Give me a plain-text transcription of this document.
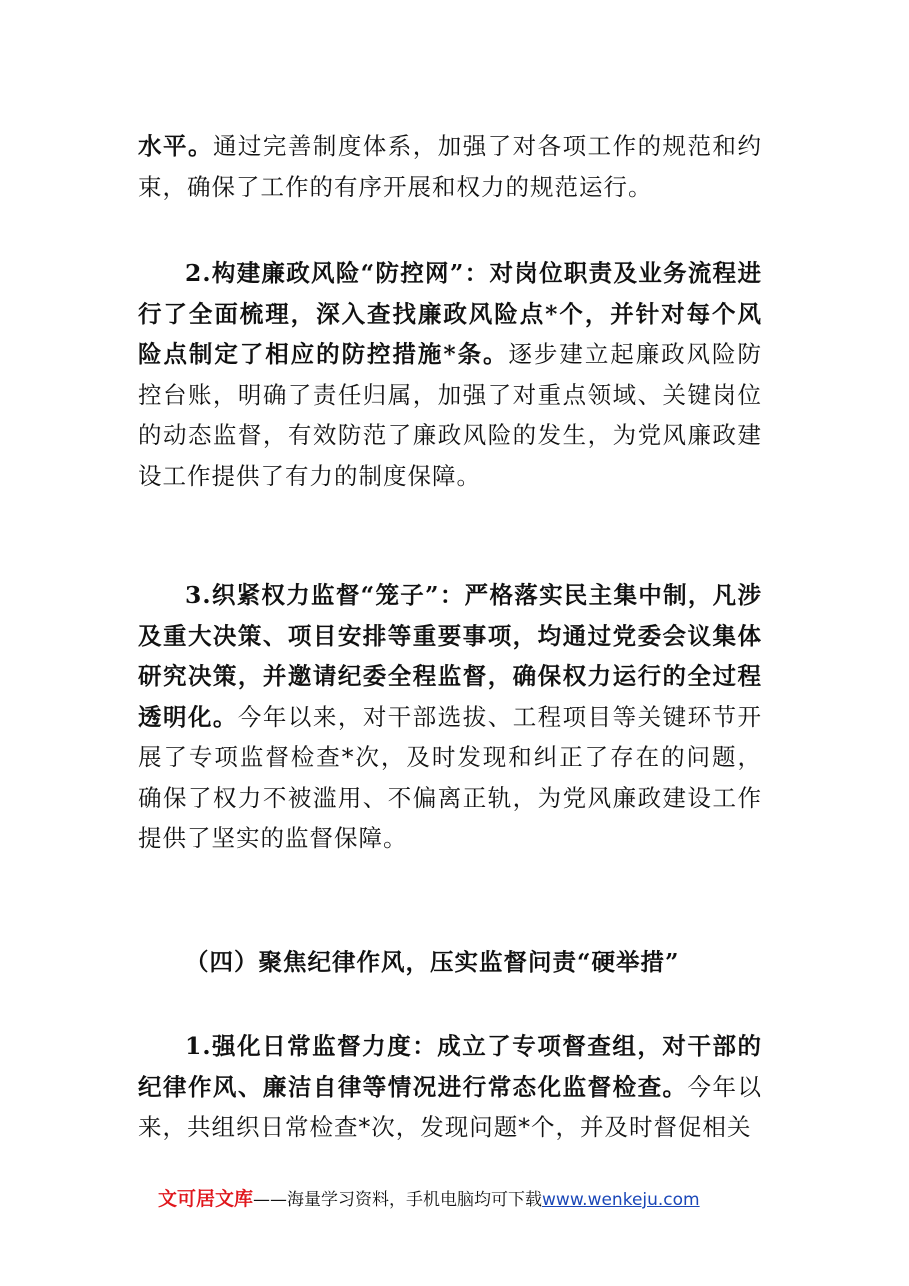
水平。通过完善制度体系，加强了对各项工作的规范和约束，确保了工作的有序开展和权力的规范运行。

2.构建廉政风险“防控网”：对岗位职责及业务流程进行了全面梳理，深入查找廉政风险点*个，并针对每个风险点制定了相应的防控措施*条。逐步建立起廉政风险防控台账，明确了责任归属，加强了对重点领域、关键岗位的动态监督，有效防范了廉政风险的发生，为党风廉政建设工作提供了有力的制度保障。

3.织紧权力监督“笼子”：严格落实民主集中制，凡涉及重大决策、项目安排等重要事项，均通过党委会议集体研究决策，并邀请纪委全程监督，确保权力运行的全过程透明化。今年以来，对干部选拔、工程项目等关键环节开展了专项监督检查*次，及时发现和纠正了存在的问题，确保了权力不被滥用、不偏离正轨，为党风廉政建设工作提供了坚实的监督保障。

（四）聚焦纪律作风，压实监督问责“硬举措”

1.强化日常监督力度：成立了专项督查组，对干部的纪律作风、廉洁自律等情况进行常态化监督检查。今年以来，共组织日常检查*次，发现问题*个，并及时督促相关

文可居文库——海量学习资料，手机电脑均可下载www.wenkeju.com
